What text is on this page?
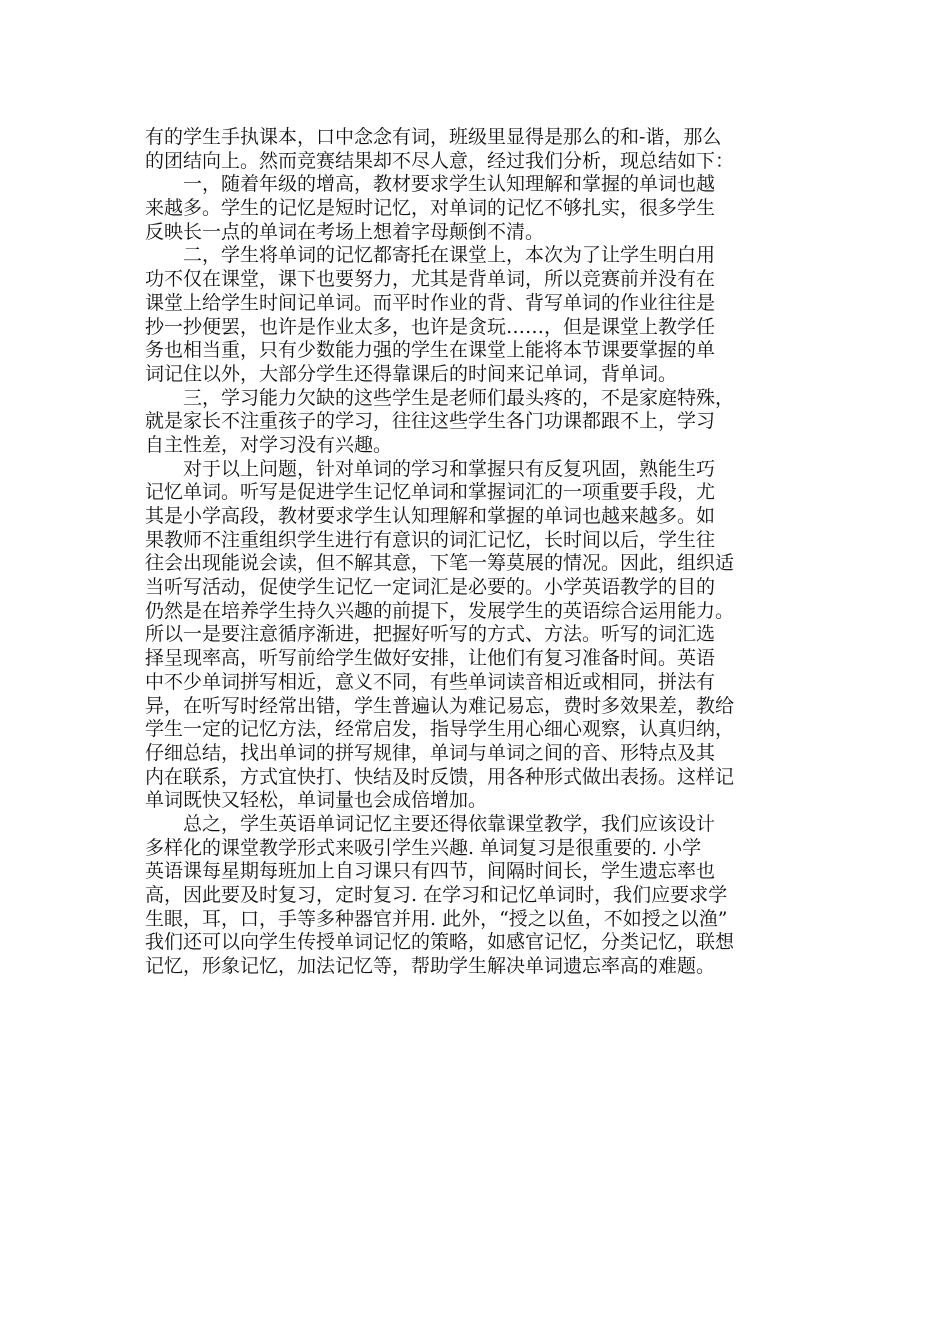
有的学生手执课本，口中念念有词，班级里显得是那么的和-谐，那么
的团结向上。然而竞赛结果却不尽人意，经过我们分析，现总结如下：
　　一，随着年级的增高，教材要求学生认知理解和掌握的单词也越
来越多。学生的记忆是短时记忆，对单词的记忆不够扎实，很多学生
反映长一点的单词在考场上想着字母颠倒不清。
　　二，学生将单词的记忆都寄托在课堂上，本次为了让学生明白用
功不仅在课堂，课下也要努力，尤其是背单词，所以竞赛前并没有在
课堂上给学生时间记单词。而平时作业的背、背写单词的作业往往是
抄一抄便罢，也许是作业太多，也许是贪玩……，但是课堂上教学任
务也相当重，只有少数能力强的学生在课堂上能将本节课要掌握的单
词记住以外，大部分学生还得靠课后的时间来记单词，背单词。
　　三，学习能力欠缺的这些学生是老师们最头疼的，不是家庭特殊，
就是家长不注重孩子的学习，往往这些学生各门功课都跟不上，学习
自主性差，对学习没有兴趣。
　　对于以上问题，针对单词的学习和掌握只有反复巩固，熟能生巧
记忆单词。听写是促进学生记忆单词和掌握词汇的一项重要手段，尤
其是小学高段，教材要求学生认知理解和掌握的单词也越来越多。如
果教师不注重组织学生进行有意识的词汇记忆，长时间以后，学生往
往会出现能说会读，但不解其意，下笔一筹莫展的情况。因此，组织适
当听写活动，促使学生记忆一定词汇是必要的。小学英语教学的目的
仍然是在培养学生持久兴趣的前提下，发展学生的英语综合运用能力。
所以一是要注意循序渐进，把握好听写的方式、方法。听写的词汇选
择呈现率高，听写前给学生做好安排，让他们有复习准备时间。英语
中不少单词拼写相近，意义不同，有些单词读音相近或相同，拼法有
异，在听写时经常出错，学生普遍认为难记易忘，费时多效果差，教给
学生一定的记忆方法，经常启发，指导学生用心细心观察，认真归纳，
仔细总结，找出单词的拼写规律，单词与单词之间的音、形特点及其
内在联系，方式宜快打、快结及时反馈，用各种形式做出表扬。这样记
单词既快又轻松，单词量也会成倍增加。
　　总之，学生英语单词记忆主要还得依靠课堂教学，我们应该设计
多样化的课堂教学形式来吸引学生兴趣. 单词复习是很重要的. 小学
英语课每星期每班加上自习课只有四节，间隔时间长，学生遗忘率也
高，因此要及时复习，定时复习. 在学习和记忆单词时，我们应要求学
生眼，耳，口，手等多种器官并用. 此外，“授之以鱼，不如授之以渔”
我们还可以向学生传授单词记忆的策略，如感官记忆，分类记忆，联想
记忆，形象记忆，加法记忆等，帮助学生解决单词遗忘率高的难题。
